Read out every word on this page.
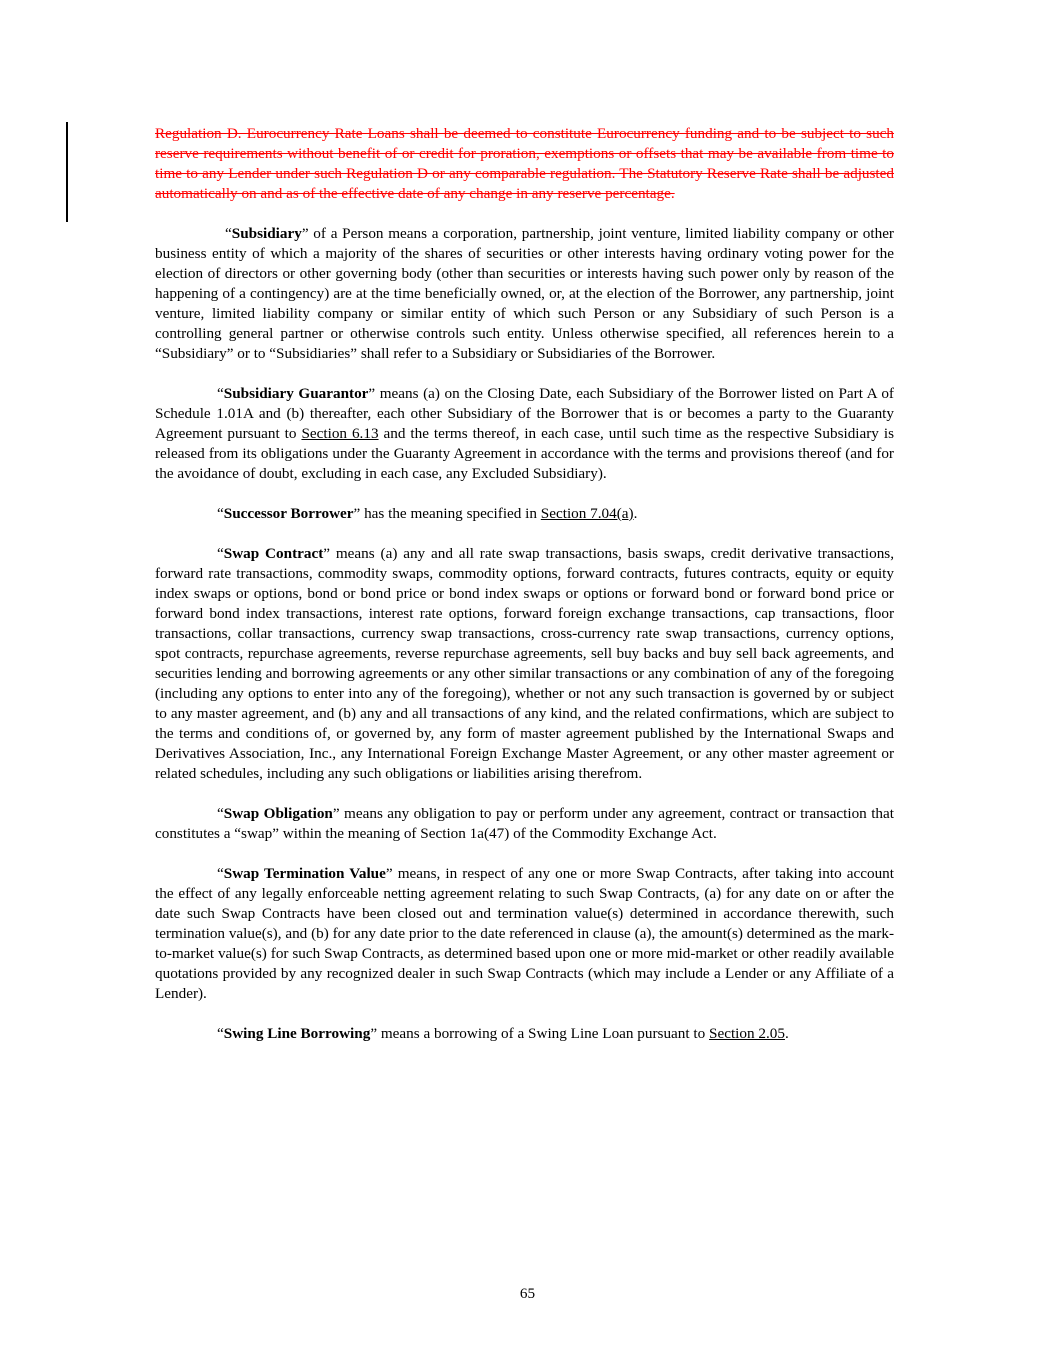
Regulation D. Eurocurrency Rate Loans shall be deemed to constitute Eurocurrency funding and to be subject to such reserve requirements without benefit of or credit for proration, exemptions or offsets that may be available from time to time to any Lender under such Regulation D or any comparable regulation. The Statutory Reserve Rate shall be adjusted automatically on and as of the effective date of any change in any reserve percentage.

“Subsidiary” of a Person means a corporation, partnership, joint venture, limited liability company or other business entity of which a majority of the shares of securities or other interests having ordinary voting power for the election of directors or other governing body (other than securities or interests having such power only by reason of the happening of a contingency) are at the time beneficially owned, or, at the election of the Borrower, any partnership, joint venture, limited liability company or similar entity of which such Person or any Subsidiary of such Person is a controlling general partner or otherwise controls such entity. Unless otherwise specified, all references herein to a “Subsidiary” or to “Subsidiaries” shall refer to a Subsidiary or Subsidiaries of the Borrower.

“Subsidiary Guarantor” means (a) on the Closing Date, each Subsidiary of the Borrower listed on Part A of Schedule 1.01A and (b) thereafter, each other Subsidiary of the Borrower that is or becomes a party to the Guaranty Agreement pursuant to Section 6.13 and the terms thereof, in each case, until such time as the respective Subsidiary is released from its obligations under the Guaranty Agreement in accordance with the terms and provisions thereof (and for the avoidance of doubt, excluding in each case, any Excluded Subsidiary).

“Successor Borrower” has the meaning specified in Section 7.04(a).

“Swap Contract” means (a) any and all rate swap transactions, basis swaps, credit derivative transactions, forward rate transactions, commodity swaps, commodity options, forward contracts, futures contracts, equity or equity index swaps or options, bond or bond price or bond index swaps or options or forward bond or forward bond price or forward bond index transactions, interest rate options, forward foreign exchange transactions, cap transactions, floor transactions, collar transactions, currency swap transactions, cross-currency rate swap transactions, currency options, spot contracts, repurchase agreements, reverse repurchase agreements, sell buy backs and buy sell back agreements, and securities lending and borrowing agreements or any other similar transactions or any combination of any of the foregoing (including any options to enter into any of the foregoing), whether or not any such transaction is governed by or subject to any master agreement, and (b) any and all transactions of any kind, and the related confirmations, which are subject to the terms and conditions of, or governed by, any form of master agreement published by the International Swaps and Derivatives Association, Inc., any International Foreign Exchange Master Agreement, or any other master agreement or related schedules, including any such obligations or liabilities arising therefrom.

“Swap Obligation” means any obligation to pay or perform under any agreement, contract or transaction that constitutes a “swap” within the meaning of Section 1a(47) of the Commodity Exchange Act.

“Swap Termination Value” means, in respect of any one or more Swap Contracts, after taking into account the effect of any legally enforceable netting agreement relating to such Swap Contracts, (a) for any date on or after the date such Swap Contracts have been closed out and termination value(s) determined in accordance therewith, such termination value(s), and (b) for any date prior to the date referenced in clause (a), the amount(s) determined as the mark-to-market value(s) for such Swap Contracts, as determined based upon one or more mid-market or other readily available quotations provided by any recognized dealer in such Swap Contracts (which may include a Lender or any Affiliate of a Lender).

“Swing Line Borrowing” means a borrowing of a Swing Line Loan pursuant to Section 2.05.

65
